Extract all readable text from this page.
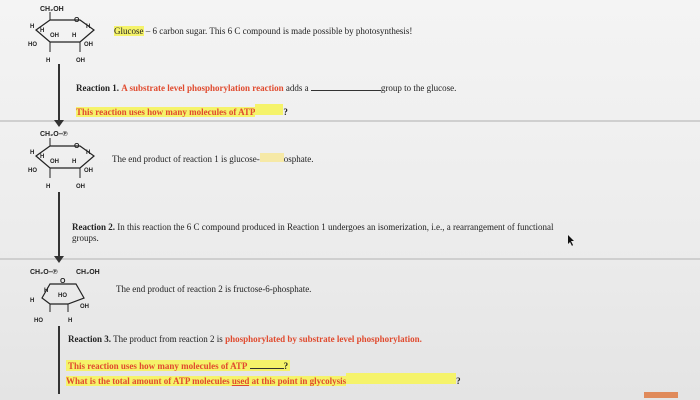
CH₂OH
H
O
H
H
OH H
HO	OH
H	OH
Glucose – 6 carbon sugar. This 6 C compound is made possible by photosynthesis!
Reaction 1. A substrate level phosphorylation reaction adds a	group to the glucose.
This reaction uses how many molecules of ATP	?
CH₂O–℗
H
O
H
H
OH H
HO	OH
H	OH
The end product of reaction 1 is glucose-	osphate.
Reaction 2. In this reaction the 6 C compound produced in Reaction 1 undergoes an isomerization, i.e., a rearrangement of functional
groups.
CH₂O–℗	CH₂OH
O
H
HO
H
OH
HO	H
The end product of reaction 2 is fructose-6-phosphate.
Reaction 3. The product from reaction 2 is phosphorylated by substrate level phosphorylation.
This reaction uses how many molecules of ATP	?
What is the total amount of ATP molecules used at this point in glycolysis	?
